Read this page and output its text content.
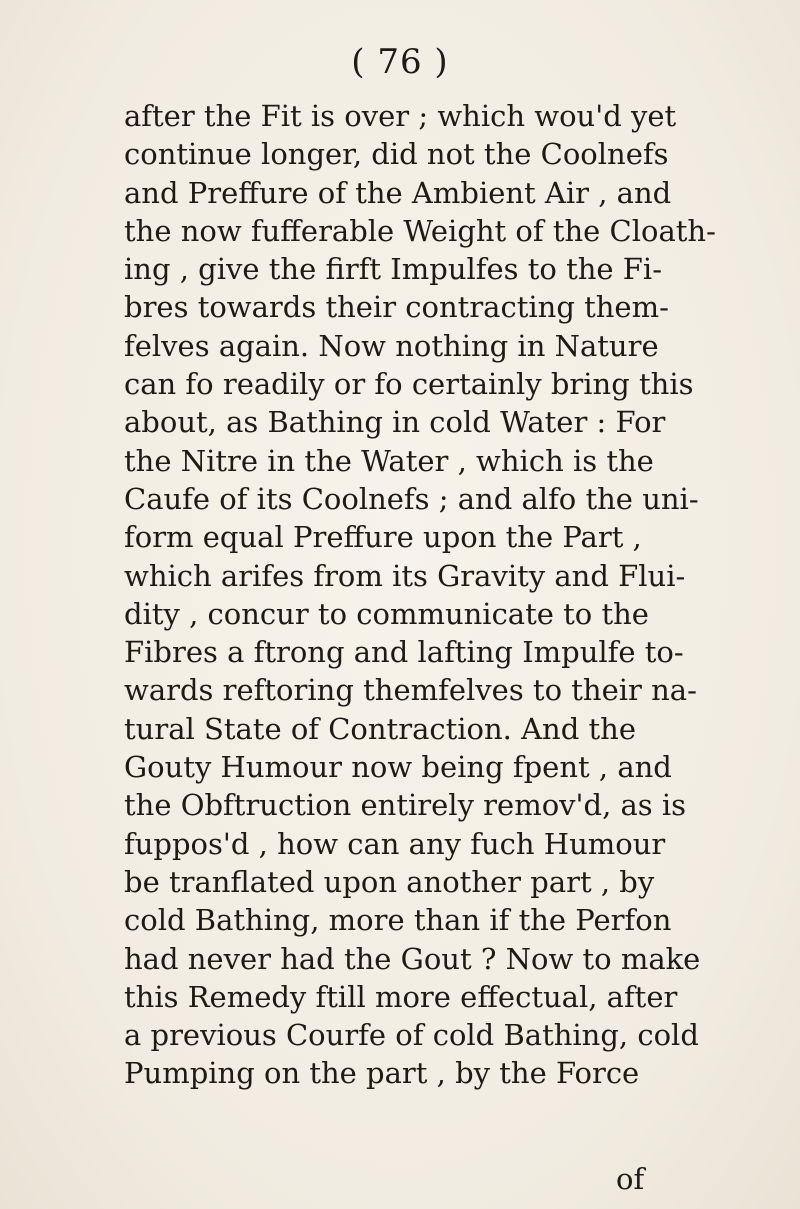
( 76 )
after the Fit is over ; which wou'd yet
continue longer, did not the Coolnefs
and Preffure of the Ambient Air , and
the now fufferable Weight of the Cloath-
ing , give the firft Impulfes to the Fi-
bres towards their contracting them-
felves again. Now nothing in Nature
can fo readily or fo certainly bring this
about, as Bathing in cold Water : For
the Nitre in the Water , which is the
Caufe of its Coolnefs ; and alfo the uni-
form equal Preffure upon the Part ,
which arifes from its Gravity and Flui-
dity , concur to communicate to the
Fibres a ftrong and lafting Impulfe to-
wards reftoring themfelves to their na-
tural State of Contraction. And the
Gouty Humour now being fpent , and
the Obftruction entirely remov'd, as is
fuppos'd , how can any fuch Humour
be tranflated upon another part , by
cold Bathing, more than if the Perfon
had never had the Gout ? Now to make
this Remedy ftill more effectual, after
a previous Courfe of cold Bathing, cold
Pumping on the part , by the Force
of
